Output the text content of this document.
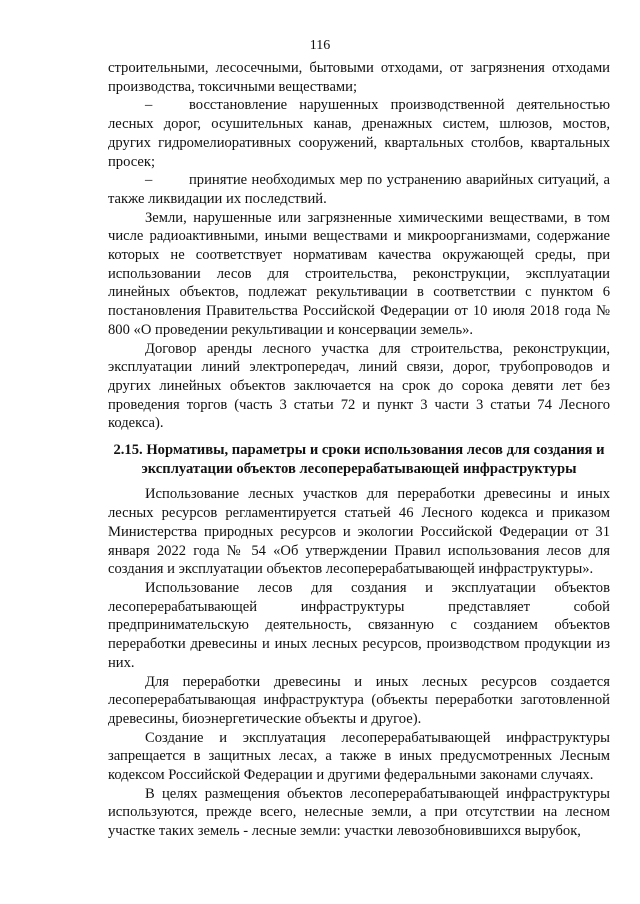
116

строительными, лесосечными, бытовыми отходами, от загрязнения отходами производства, токсичными веществами;

–	восстановление нарушенных производственной деятельностью лесных дорог, осушительных канав, дренажных систем, шлюзов, мостов, других гидромелиоративных сооружений, квартальных столбов, квартальных просек;

–	принятие необходимых мер по устранению аварийных ситуаций, а также ликвидации их последствий.

Земли, нарушенные или загрязненные химическими веществами, в том числе радиоактивными, иными веществами и микроорганизмами, содержание которых не соответствует нормативам качества окружающей среды, при использовании лесов для строительства, реконструкции, эксплуатации линейных объектов, подлежат рекультивации в соответствии с пунктом 6 постановления Правительства Российской Федерации от 10 июля 2018 года № 800 «О проведении рекультивации и консервации земель».

Договор аренды лесного участка для строительства, реконструкции, эксплуатации линий электропередач, линий связи, дорог, трубопроводов и других линейных объектов заключается на срок до сорока девяти лет без проведения торгов (часть 3 статьи 72 и пункт 3 части 3 статьи 74 Лесного кодекса).

2.15. Нормативы, параметры и сроки использования лесов для создания и эксплуатации объектов лесоперерабатывающей инфраструктуры

Использование лесных участков для переработки древесины и иных лесных ресурсов регламентируется статьей 46 Лесного кодекса и приказом Министерства природных ресурсов и экологии Российской Федерации от 31 января 2022 года № 54 «Об утверждении Правил использования лесов для создания и эксплуатации объектов лесоперерабатывающей инфраструктуры».

Использование лесов для создания и эксплуатации объектов лесоперерабатывающей инфраструктуры представляет собой предпринимательскую деятельность, связанную с созданием объектов переработки древесины и иных лесных ресурсов, производством продукции из них.

Для переработки древесины и иных лесных ресурсов создается лесоперерабатывающая инфраструктура (объекты переработки заготовленной древесины, биоэнергетические объекты и другое).

Создание и эксплуатация лесоперерабатывающей инфраструктуры запрещается в защитных лесах, а также в иных предусмотренных Лесным кодексом Российской Федерации и другими федеральными законами случаях.

В целях размещения объектов лесоперерабатывающей инфраструктуры используются, прежде всего, нелесные земли, а при отсутствии на лесном участке таких земель - лесные земли: участки левозобновившихся вырубок,
